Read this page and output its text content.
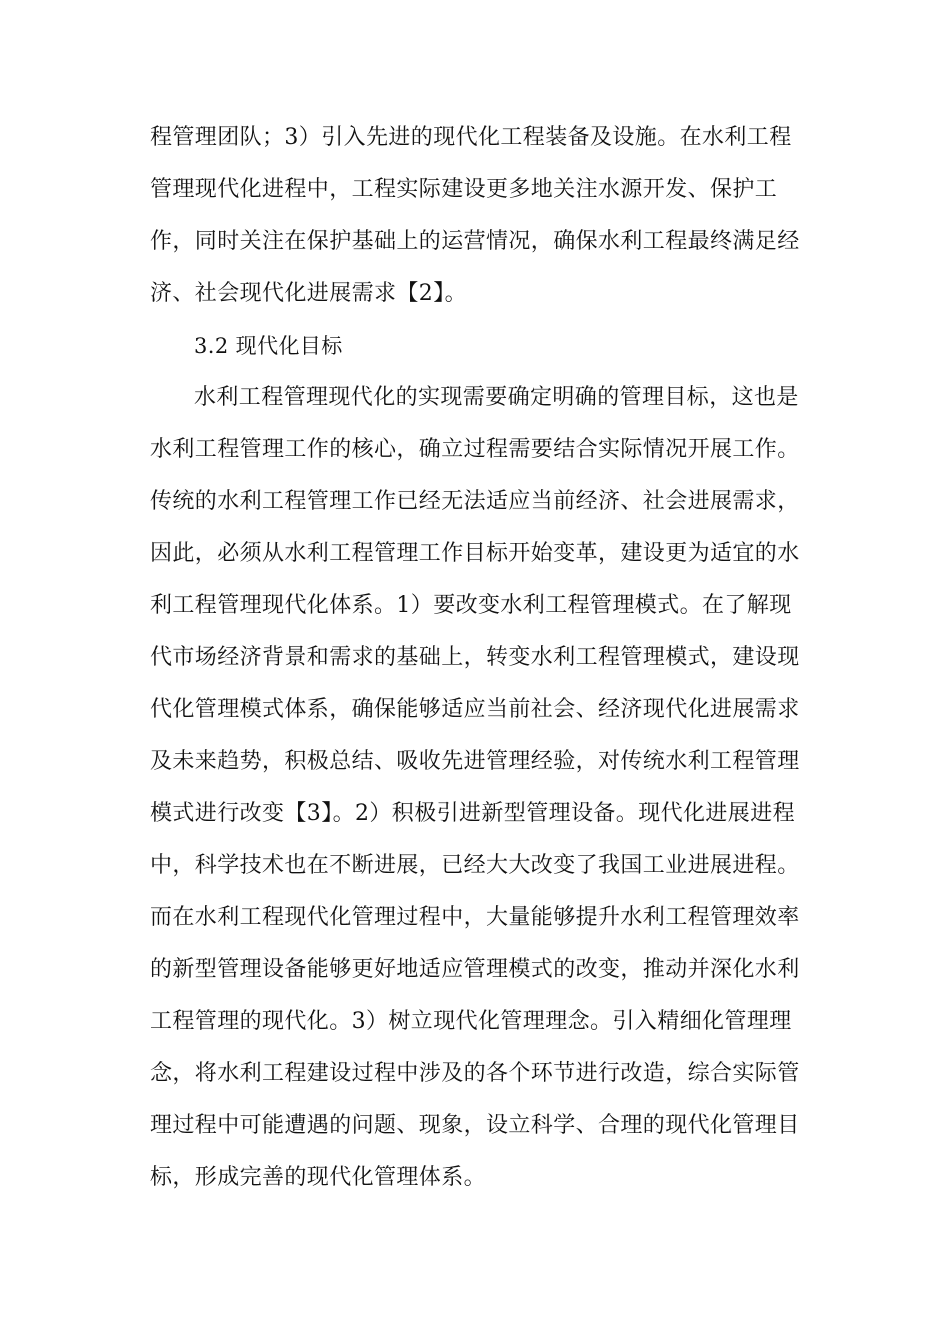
程管理团队；3）引入先进的现代化工程装备及设施。在水利工程
管理现代化进程中，工程实际建设更多地关注水源开发、保护工
作，同时关注在保护基础上的运营情况，确保水利工程最终满足经
济、社会现代化进展需求【2】。
3.2 现代化目标
水利工程管理现代化的实现需要确定明确的管理目标，这也是
水利工程管理工作的核心，确立过程需要结合实际情况开展工作。
传统的水利工程管理工作已经无法适应当前经济、社会进展需求，
因此，必须从水利工程管理工作目标开始变革，建设更为适宜的水
利工程管理现代化体系。1）要改变水利工程管理模式。在了解现
代市场经济背景和需求的基础上，转变水利工程管理模式，建设现
代化管理模式体系，确保能够适应当前社会、经济现代化进展需求
及未来趋势，积极总结、吸收先进管理经验，对传统水利工程管理
模式进行改变【3】。2）积极引进新型管理设备。现代化进展进程
中，科学技术也在不断进展，已经大大改变了我国工业进展进程。
而在水利工程现代化管理过程中，大量能够提升水利工程管理效率
的新型管理设备能够更好地适应管理模式的改变，推动并深化水利
工程管理的现代化。3）树立现代化管理理念。引入精细化管理理
念，将水利工程建设过程中涉及的各个环节进行改造，综合实际管
理过程中可能遭遇的问题、现象，设立科学、合理的现代化管理目
标，形成完善的现代化管理体系。
